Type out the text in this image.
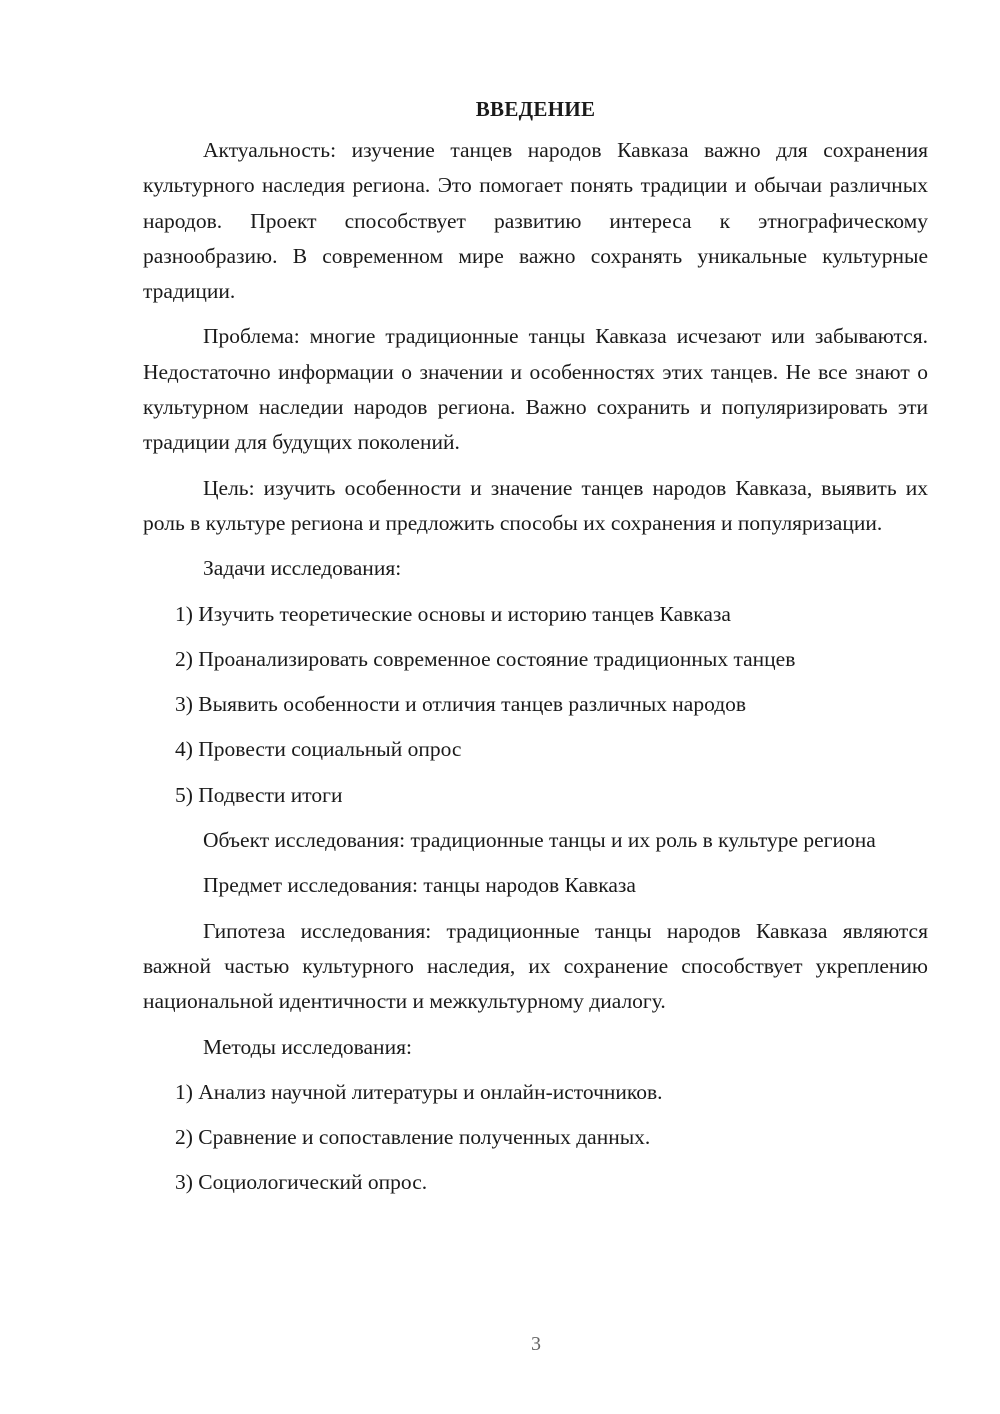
ВВЕДЕНИЕ

Актуальность: изучение танцев народов Кавказа важно для сохранения культурного наследия региона. Это помогает понять традиции и обычаи различных народов. Проект способствует развитию интереса к этнографическому разнообразию. В современном мире важно сохранять уникальные культурные традиции.

Проблема: многие традиционные танцы Кавказа исчезают или забываются. Недостаточно информации о значении и особенностях этих танцев. Не все знают о культурном наследии народов региона. Важно сохранить и популяризировать эти традиции для будущих поколений.

Цель: изучить особенности и значение танцев народов Кавказа, выявить их роль в культуре региона и предложить способы их сохранения и популяризации.

Задачи исследования:

1) Изучить теоретические основы и историю танцев Кавказа
2) Проанализировать современное состояние традиционных танцев
3) Выявить особенности и отличия танцев различных народов
4) Провести социальный опрос
5) Подвести итоги

Объект исследования: традиционные танцы и их роль в культуре региона

Предмет исследования: танцы народов Кавказа

Гипотеза исследования: традиционные танцы народов Кавказа являются важной частью культурного наследия, их сохранение способствует укреплению национальной идентичности и межкультурному диалогу.

Методы исследования:

1) Анализ научной литературы и онлайн-источников.
2) Сравнение и сопоставление полученных данных.
3) Социологический опрос.
3
